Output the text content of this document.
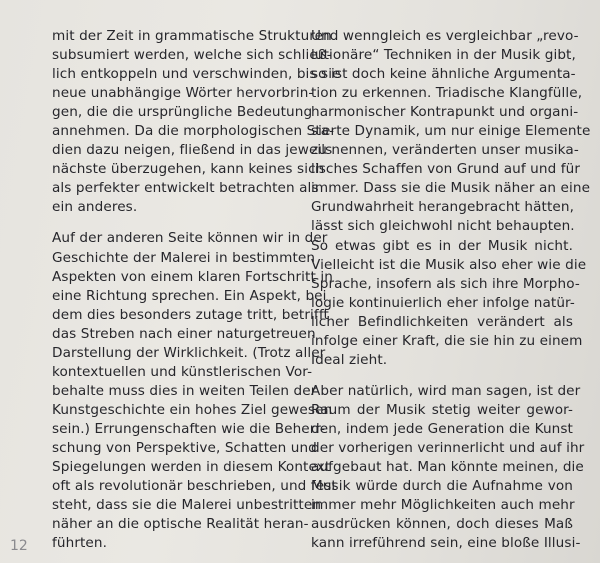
mit der Zeit in grammatische Strukturen
subsumiert werden, welche sich schließ-
lich entkoppeln und verschwinden, bis sie
neue unabhängige Wörter hervorbrin-
gen, die die ursprüngliche Bedeutung
annehmen. Da die morphologischen Sta-
dien dazu neigen, fließend in das jeweils
nächste überzugehen, kann keines sich
als perfekter entwickelt betrachten als
ein anderes.
Auf der anderen Seite können wir in der
Geschichte der Malerei in bestimmten
Aspekten von einem klaren Fortschritt in
eine Richtung sprechen. Ein Aspekt, bei
dem dies besonders zutage tritt, betrifft
das Streben nach einer naturgetreuen
Darstellung der Wirklichkeit. (Trotz aller
kontextuellen und künstlerischen Vor-
behalte muss dies in weiten Teilen der
Kunstgeschichte ein hohes Ziel gewesen
sein.) Errungenschaften wie die Beherr-
schung von Perspektive, Schatten und
Spiegelungen werden in diesem Kontext
oft als revolutionär beschrieben, und fest
steht, dass sie die Malerei unbestritten
näher an die optische Realität heran-
führten.
Und wenngleich es vergleichbar „revo-
lutionäre“ Techniken in der Musik gibt,
so ist doch keine ähnliche Argumenta-
tion zu erkennen. Triadische Klangfülle,
harmonischer Kontrapunkt und organi-
sierte Dynamik, um nur einige Elemente
zu nennen, veränderten unser musika-
lisches Schaffen von Grund auf und für
immer. Dass sie die Musik näher an eine
Grundwahrheit herangebracht hätten,
lässt sich gleichwohl nicht behaupten.
So etwas gibt es in der Musik nicht.
Vielleicht ist die Musik also eher wie die
Sprache, insofern als sich ihre Morpho-
logie kontinuierlich eher infolge natür-
licher Befindlichkeiten verändert als
infolge einer Kraft, die sie hin zu einem
Ideal zieht.
Aber natürlich, wird man sagen, ist der
Raum der Musik stetig weiter gewor-
den, indem jede Generation die Kunst
der vorherigen verinnerlicht und auf ihr
aufgebaut hat. Man könnte meinen, die
Musik würde durch die Aufnahme von
immer mehr Möglichkeiten auch mehr
ausdrücken können, doch dieses Maß
kann irreführend sein, eine bloße Illusi-
12
